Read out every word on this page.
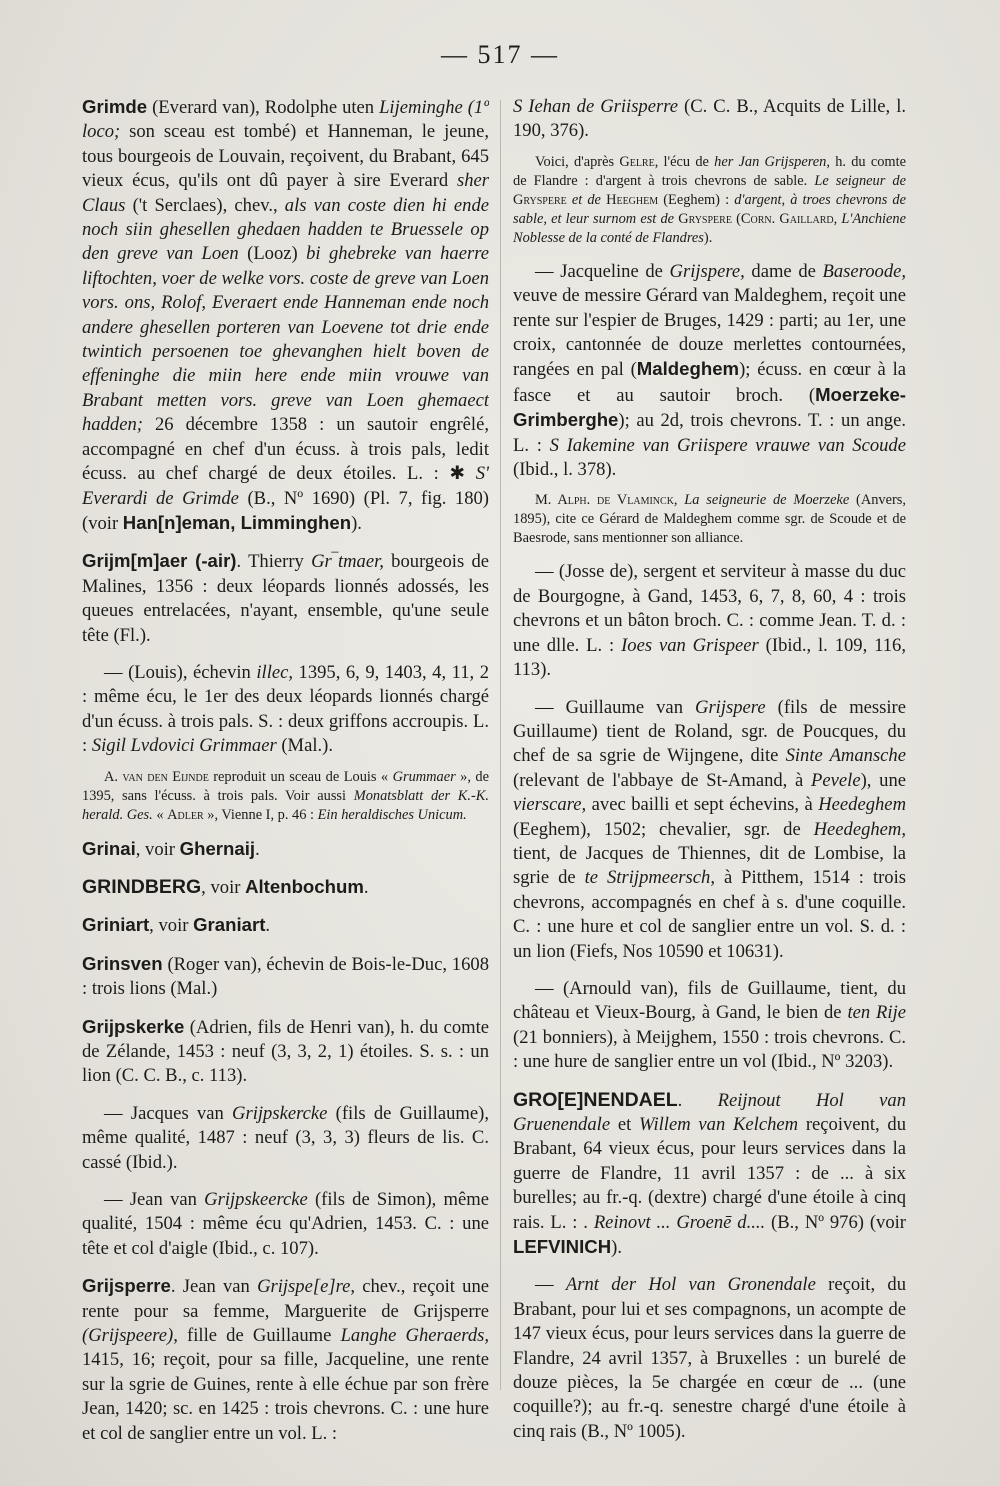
— 517 —

Grimde (Everard van), Rodolphe uten Lijeminghe (1º loco; son sceau est tombé) et Hanneman, le jeune, tous bourgeois de Louvain, reçoivent, du Brabant, 645 vieux écus, qu'ils ont dû payer à sire Everard sher Claus ('t Serclaes), chev., als van coste dien hi ende noch siin ghesellen ghedaen hadden te Bruessele op den greve van Loen (Looz) bi ghebreke van haerre liftochten, voer de welke vors. coste de greve van Loen vors. ons, Rolof, Everaert ende Hanneman ende noch andere ghesellen porteren van Loevene tot drie ende twintich persoenen toe ghevanghen hielt boven de effeninghe die miin here ende miin vrouwe van Brabant metten vors. greve van Loen ghemaect hadden; 26 décembre 1358 : un sautoir engrêlé, accompagné en chef d'un écuss. à trois pals, ledit écuss. au chef chargé de deux étoiles. L. : ✱ S' Everardi de Grimde (B., Nº 1690) (Pl. 7, fig. 180) (voir Han[n]eman, Limminghen).

Grijm[m]aer (-air). Thierry Gr‾tmaer, bourgeois de Malines, 1356 : deux léopards lionnés adossés, les queues entrelacées, n'ayant, ensemble, qu'une seule tête (Fl.).

— (Louis), échevin illec, 1395, 6, 9, 1403, 4, 11, 2 : même écu, le 1er des deux léopards lionnés chargé d'un écuss. à trois pals. S. : deux griffons accroupis. L. : Sigil Lvdovici Grimmaer (Mal.).

A. van den Eijnde reproduit un sceau de Louis « Grummaer », de 1395, sans l'écuss. à trois pals. Voir aussi Monatsblatt der K.-K. herald. Ges. « Adler », Vienne I, p. 46 : Ein heraldisches Unicum.

Grinai, voir Ghernaij.

GRINDBERG, voir Altenbochum.

Griniart, voir Graniart.

Grinsven (Roger van), échevin de Bois-le-Duc, 1608 : trois lions (Mal.)

Grijpskerke (Adrien, fils de Henri van), h. du comte de Zélande, 1453 : neuf (3, 3, 2, 1) étoiles. S. s. : un lion (C. C. B., c. 113).

— Jacques van Grijpskercke (fils de Guillaume), même qualité, 1487 : neuf (3, 3, 3) fleurs de lis. C. cassé (Ibid.).

— Jean van Grijpskeercke (fils de Simon), même qualité, 1504 : même écu qu'Adrien, 1453. C. : une tête et col d'aigle (Ibid., c. 107).

Grijsperre. Jean van Grijspe[e]re, chev., reçoit une rente pour sa femme, Marguerite de Grijsperre (Grijspeere), fille de Guillaume Langhe Gheraerds, 1415, 16; reçoit, pour sa fille, Jacqueline, une rente sur la sgrie de Guines, rente à elle échue par son frère Jean, 1420; sc. en 1425 : trois chevrons. C. : une hure et col de sanglier entre un vol. L. :

S Iehan de Griisperre (C. C. B., Acquits de Lille, l. 190, 376).

Voici, d'après Gelre, l'écu de her Jan Grijsperen, h. du comte de Flandre : d'argent à trois chevrons de sable. Le seigneur de Gryspere et de Heeghem (Eeghem) : d'argent, à troes chevrons de sable, et leur surnom est de Gryspere (Corn. Gaillard, L'Anchiene Noblesse de la conté de Flandres).

— Jacqueline de Grijspere, dame de Baseroode, veuve de messire Gérard van Maldeghem, reçoit une rente sur l'espier de Bruges, 1429 : parti; au 1er, une croix, cantonnée de douze merlettes contournées, rangées en pal (Maldeghem); écuss. en cœur à la fasce et au sautoir broch. (Moerzeke-Grimberghe); au 2d, trois chevrons. T. : un ange. L. : S Iakemine van Griispere vrauwe van Scoude (Ibid., l. 378).

M. Alph. de Vlaminck, La seigneurie de Moerzeke (Anvers, 1895), cite ce Gérard de Maldeghem comme sgr. de Scoude et de Baesrode, sans mentionner son alliance.

— (Josse de), sergent et serviteur à masse du duc de Bourgogne, à Gand, 1453, 6, 7, 8, 60, 4 : trois chevrons et un bâton broch. C. : comme Jean. T. d. : une dlle. L. : Ioes van Grispeer (Ibid., l. 109, 116, 113).

— Guillaume van Grijspere (fils de messire Guillaume) tient de Roland, sgr. de Poucques, du chef de sa sgrie de Wijngene, dite Sinte Amansche (relevant de l'abbaye de St-Amand, à Pevele), une vierscare, avec bailli et sept échevins, à Heedeghem (Eeghem), 1502; chevalier, sgr. de Heedeghem, tient, de Jacques de Thiennes, dit de Lombise, la sgrie de te Strijpmeersch, à Pitthem, 1514 : trois chevrons, accompagnés en chef à s. d'une coquille. C. : une hure et col de sanglier entre un vol. S. d. : un lion (Fiefs, Nos 10590 et 10631).

— (Arnould van), fils de Guillaume, tient, du château et Vieux-Bourg, à Gand, le bien de ten Rije (21 bonniers), à Meijghem, 1550 : trois chevrons. C. : une hure de sanglier entre un vol (Ibid., Nº 3203).

GRO[E]NENDAEL. Reijnout Hol van Gruenendale et Willem van Kelchem reçoivent, du Brabant, 64 vieux écus, pour leurs services dans la guerre de Flandre, 11 avril 1357 : de ... à six burelles; au fr.-q. (dextre) chargé d'une étoile à cinq rais. L. : . Reinovt ... Groenē d.... (B., Nº 976) (voir LEFVINICH).

— Arnt der Hol van Gronendale reçoit, du Brabant, pour lui et ses compagnons, un acompte de 147 vieux écus, pour leurs services dans la guerre de Flandre, 24 avril 1357, à Bruxelles : un burelé de douze pièces, la 5e chargée en cœur de ... (une coquille?); au fr.-q. senestre chargé d'une étoile à cinq rais (B., Nº 1005).
